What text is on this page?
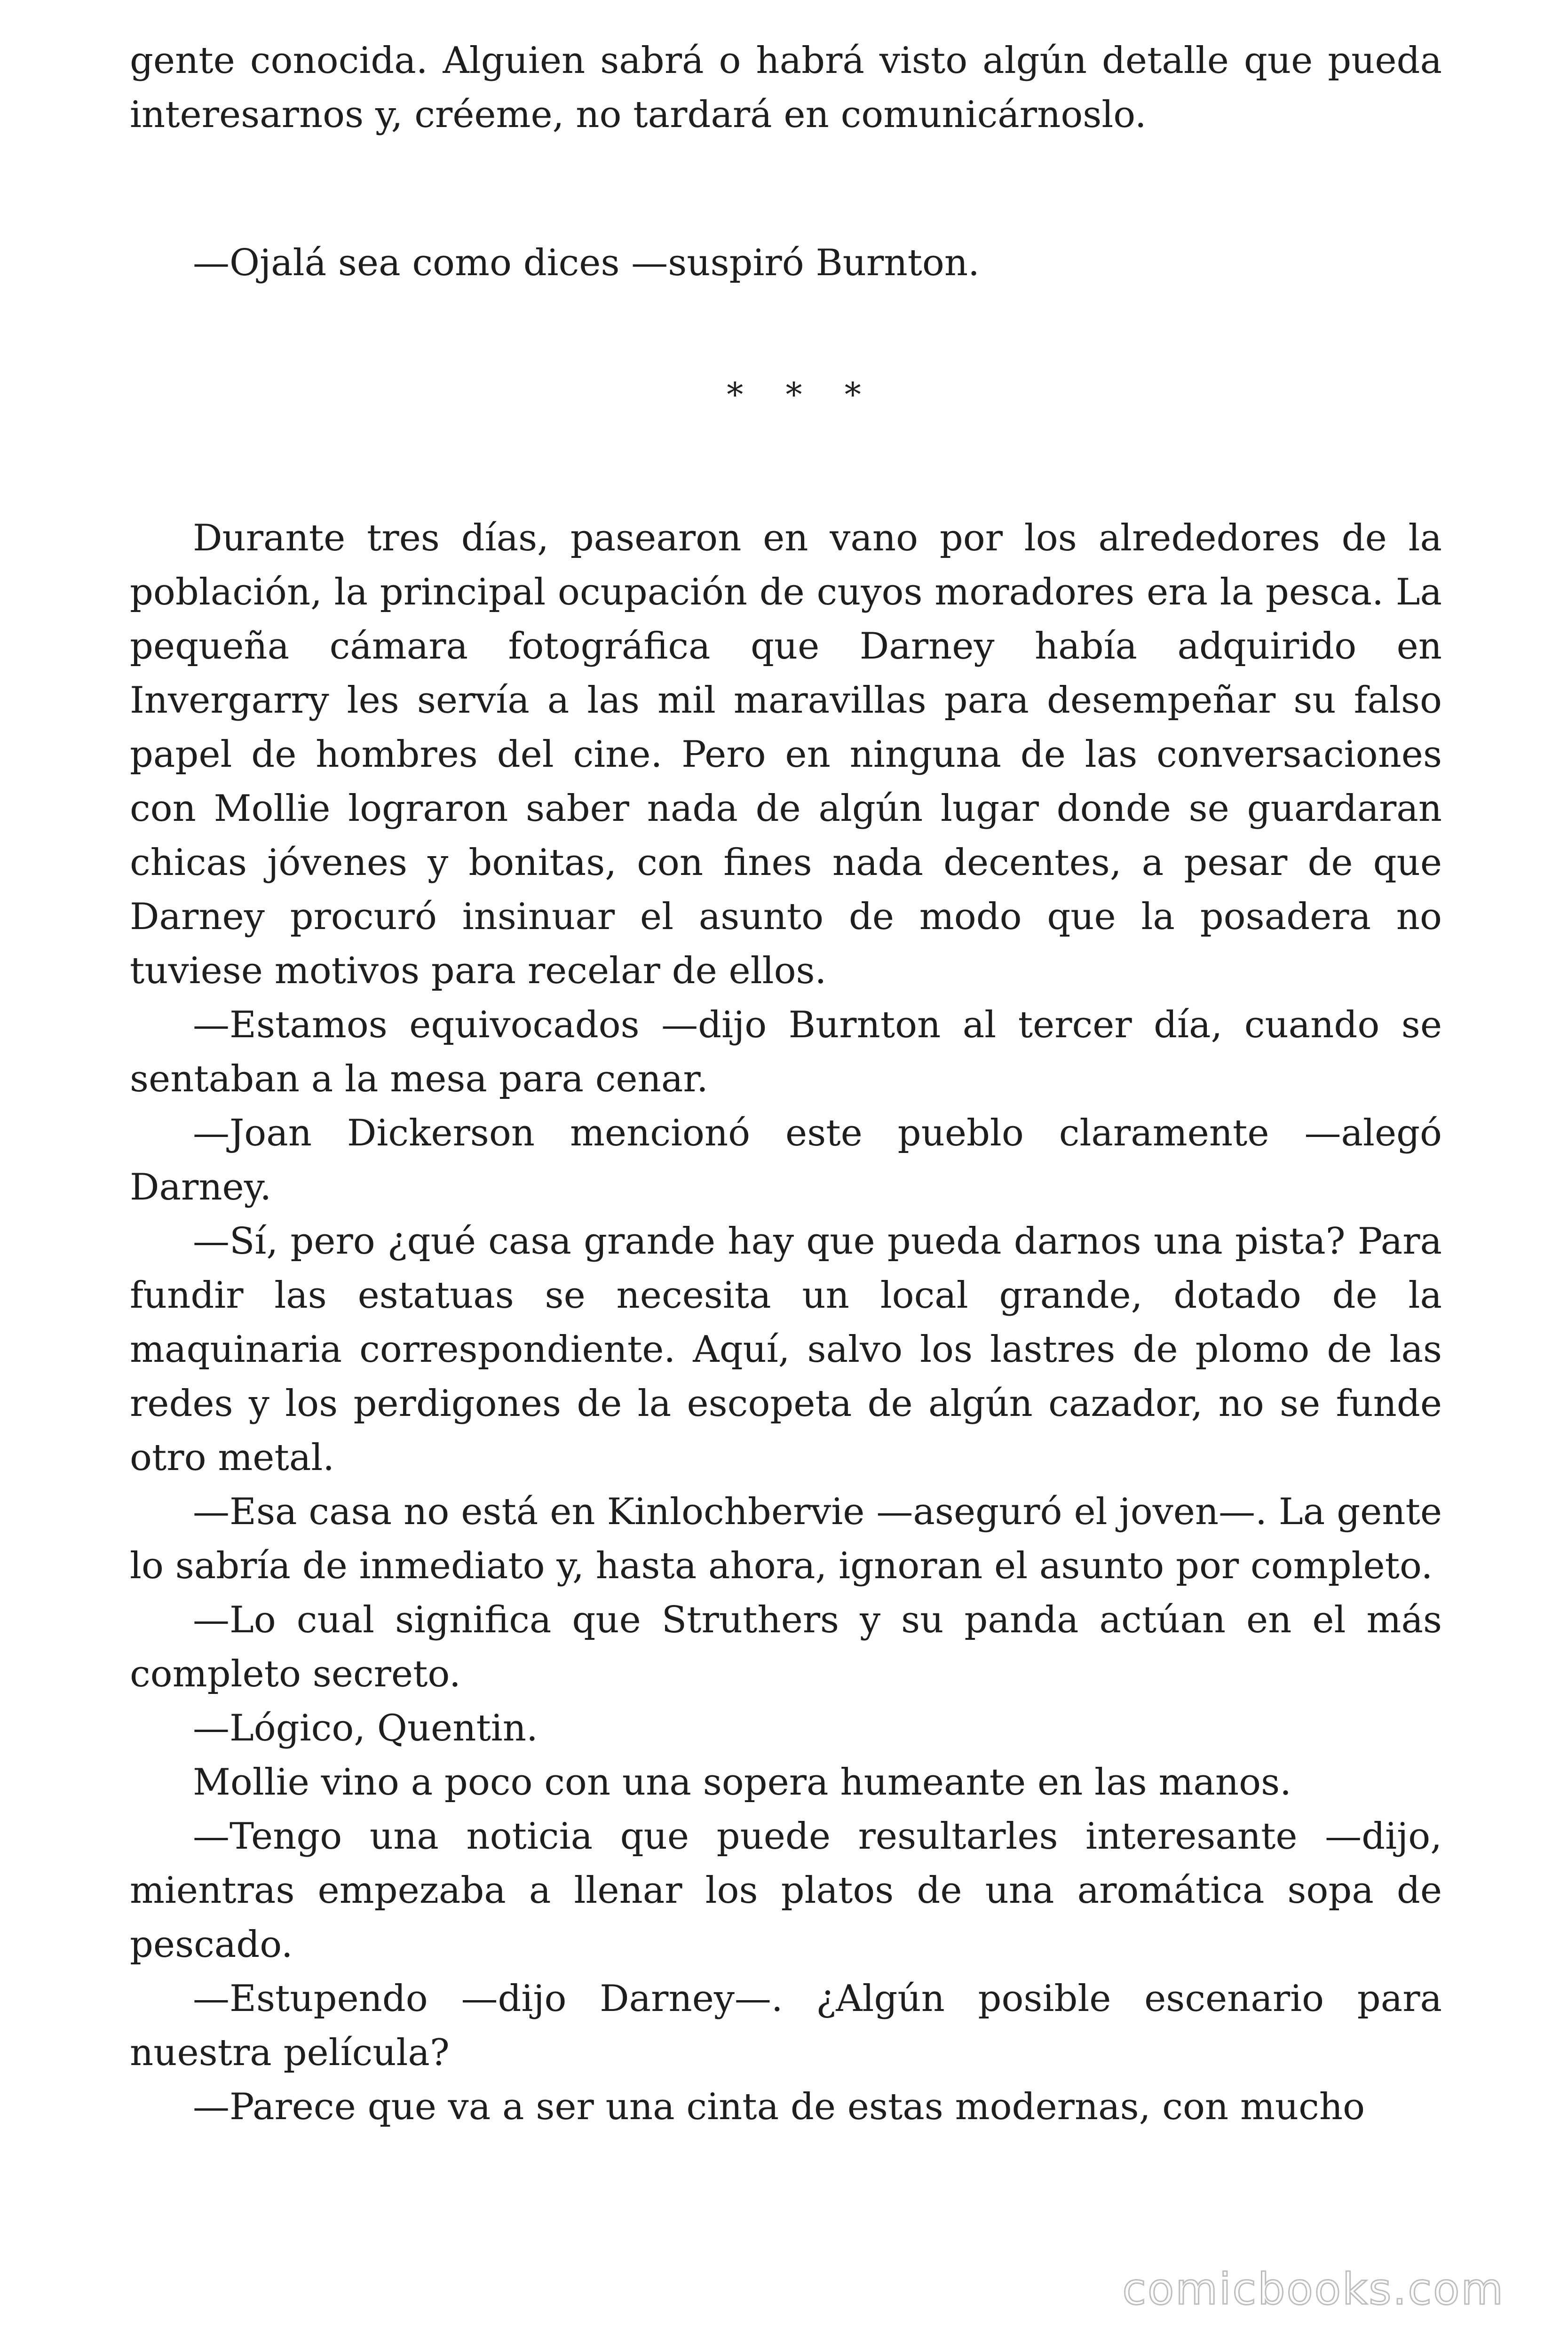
gente conocida. Alguien sabrá o habrá visto algún detalle que pueda interesarnos y, créeme, no tardará en comunicárnoslo.

—Ojalá sea como dices —suspiró Burnton.

* * *

Durante tres días, pasearon en vano por los alrededores de la población, la principal ocupación de cuyos moradores era la pesca. La pequeña cámara fotográfica que Darney había adquirido en Invergarry les servía a las mil maravillas para desempeñar su falso papel de hombres del cine. Pero en ninguna de las conversaciones con Mollie lograron saber nada de algún lugar donde se guardaran chicas jóvenes y bonitas, con fines nada decentes, a pesar de que Darney procuró insinuar el asunto de modo que la posadera no tuviese motivos para recelar de ellos.

—Estamos equivocados —dijo Burnton al tercer día, cuando se sentaban a la mesa para cenar.

—Joan Dickerson mencionó este pueblo claramente —alegó Darney.

—Sí, pero ¿qué casa grande hay que pueda darnos una pista? Para fundir las estatuas se necesita un local grande, dotado de la maquinaria correspondiente. Aquí, salvo los lastres de plomo de las redes y los perdigones de la escopeta de algún cazador, no se funde otro metal.

—Esa casa no está en Kinlochbervie —aseguró el joven—. La gente lo sabría de inmediato y, hasta ahora, ignoran el asunto por completo.

—Lo cual significa que Struthers y su panda actúan en el más completo secreto.

—Lógico, Quentin.

Mollie vino a poco con una sopera humeante en las manos.

—Tengo una noticia que puede resultarles interesante —dijo, mientras empezaba a llenar los platos de una aromática sopa de pescado.

—Estupendo —dijo Darney—. ¿Algún posible escenario para nuestra película?

—Parece que va a ser una cinta de estas modernas, con mucho

comicbooks.com
